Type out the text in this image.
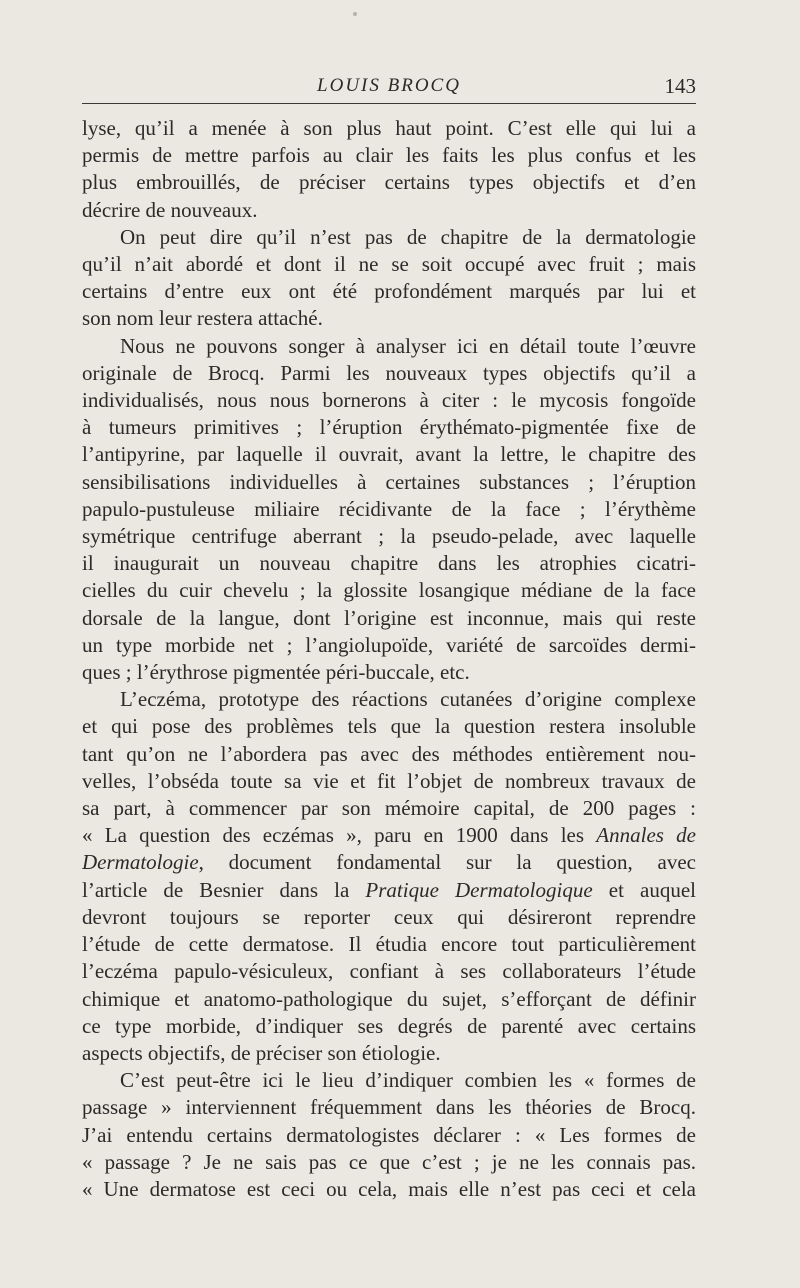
LOUIS BROCQ	143

lyse, qu’il a menée à son plus haut point. C’est elle qui lui a

permis de mettre parfois au clair les faits les plus confus et les

plus embrouillés, de préciser certains types objectifs et d’en

décrire de nouveaux.

On peut dire qu’il n’est pas de chapitre de la dermatologie

qu’il n’ait abordé et dont il ne se soit occupé avec fruit ; mais

certains d’entre eux ont été profondément marqués par lui et

son nom leur restera attaché.

Nous ne pouvons songer à analyser ici en détail toute l’œuvre

originale de Brocq. Parmi les nouveaux types objectifs qu’il a

individualisés, nous nous bornerons à citer : le mycosis fongoïde

à tumeurs primitives ; l’éruption érythémato-pigmentée fixe de

l’antipyrine, par laquelle il ouvrait, avant la lettre, le chapitre des

sensibilisations individuelles à certaines substances ; l’éruption

papulo-pustuleuse miliaire récidivante de la face ; l’érythème

symétrique centrifuge aberrant ; la pseudo-pelade, avec laquelle

il inaugurait un nouveau chapitre dans les atrophies cicatri-

cielles du cuir chevelu ; la glossite losangique médiane de la face

dorsale de la langue, dont l’origine est inconnue, mais qui reste

un type morbide net ; l’angiolupoïde, variété de sarcoïdes dermi-

ques ; l’érythrose pigmentée péri-buccale, etc.

L’eczéma, prototype des réactions cutanées d’origine complexe

et qui pose des problèmes tels que la question restera insoluble

tant qu’on ne l’abordera pas avec des méthodes entièrement nou-

velles, l’obséda toute sa vie et fit l’objet de nombreux travaux de

sa part, à commencer par son mémoire capital, de 200 pages :

« La question des eczémas », paru en 1900 dans les Annales de

Dermatologie, document fondamental sur la question, avec

l’article de Besnier dans la Pratique Dermatologique et auquel

devront toujours se reporter ceux qui désireront reprendre

l’étude de cette dermatose. Il étudia encore tout particulièrement

l’eczéma papulo-vésiculeux, confiant à ses collaborateurs l’étude

chimique et anatomo-pathologique du sujet, s’efforçant de définir

ce type morbide, d’indiquer ses degrés de parenté avec certains

aspects objectifs, de préciser son étiologie.

C’est peut-être ici le lieu d’indiquer combien les « formes de

passage » interviennent fréquemment dans les théories de Brocq.

J’ai entendu certains dermatologistes déclarer : « Les formes de

« passage ? Je ne sais pas ce que c’est ; je ne les connais pas.

« Une dermatose est ceci ou cela, mais elle n’est pas ceci et cela
